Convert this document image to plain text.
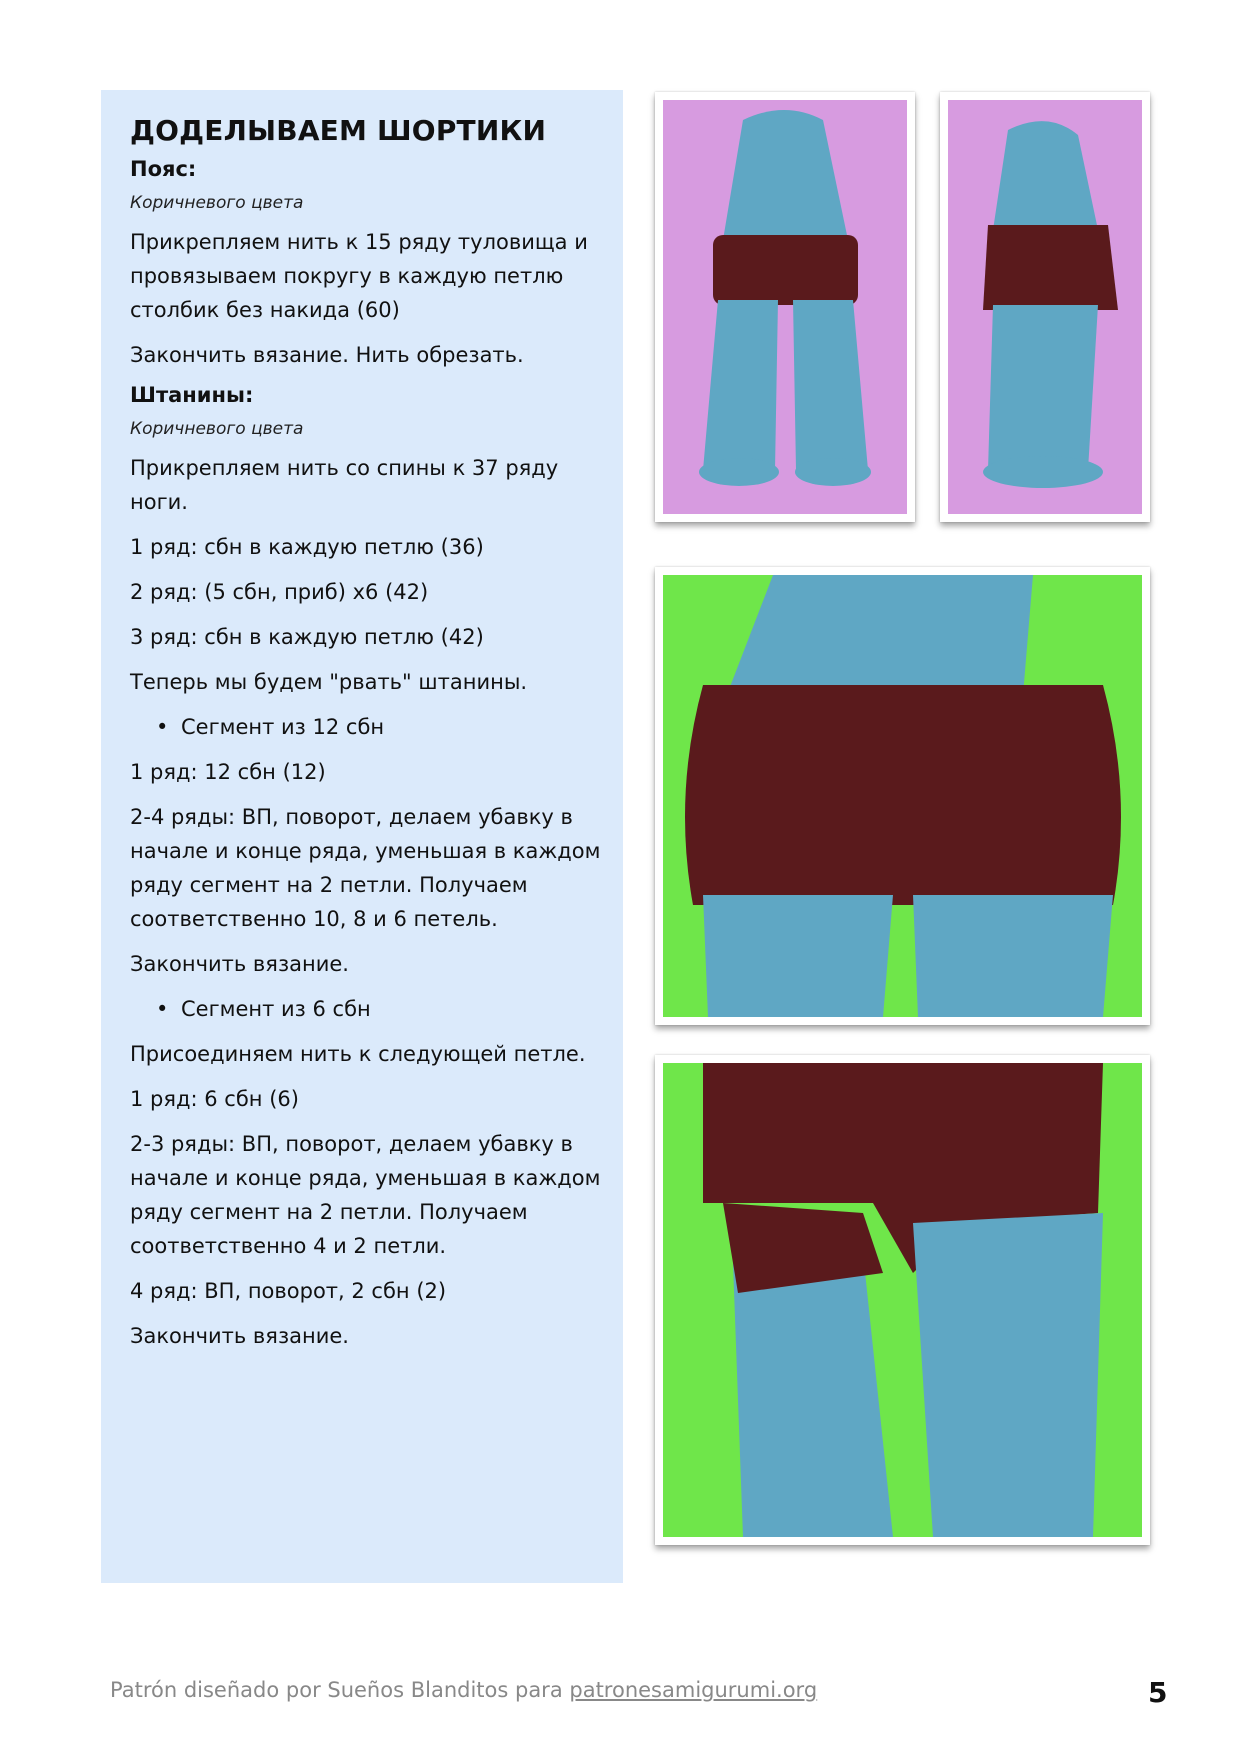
ДОДЕЛЫВАЕМ ШОРТИКИ
Пояс:
Коричневого цвета
Прикрепляем нить к 15 ряду туловища и провязываем покругу в каждую петлю столбик без накида (60)
Закончить вязание. Нить обрезать.
Штанины:
Коричневого цвета
Прикрепляем нить со спины к 37 ряду ноги.
1 ряд: сбн в каждую петлю (36)
2 ряд: (5 сбн, приб) х6 (42)
3 ряд: сбн в каждую петлю (42)
Теперь мы будем "рвать" штанины.
• Сегмент из 12 сбн
1 ряд: 12 сбн (12)
2-4 ряды: ВП, поворот, делаем убавку в начале и конце ряда, уменьшая в каждом ряду сегмент на 2 петли. Получаем соответственно 10, 8 и 6 петель.
Закончить вязание.
• Сегмент из 6 сбн
Присоединяем нить к следующей петле.
1 ряд: 6 сбн (6)
2-3 ряды: ВП, поворот, делаем убавку в начале и конце ряда, уменьшая в каждом ряду сегмент на 2 петли. Получаем соответственно 4 и 2 петли.
4 ряд: ВП, поворот, 2 сбн (2)
Закончить вязание.
Patrón diseñado por Sueños Blanditos para patronesamigurumi.org	5
